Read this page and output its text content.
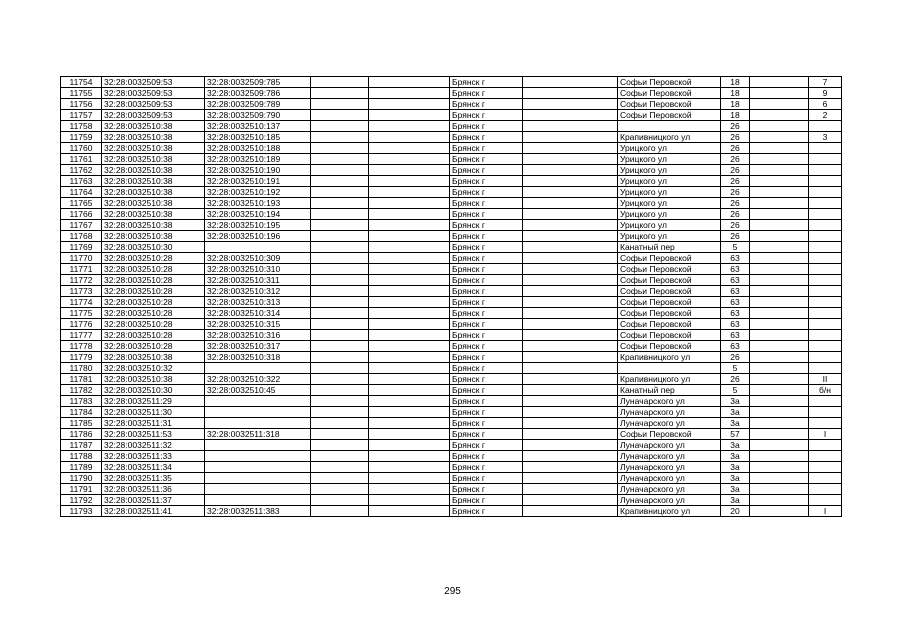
11754	32:28:0032509:53	32:28:0032509:785			Брянск г		Софьи Перовской	18		7
11755	32:28:0032509:53	32:28:0032509:786			Брянск г		Софьи Перовской	18		9
11756	32:28:0032509:53	32:28:0032509:789			Брянск г		Софьи Перовской	18		6
11757	32:28:0032509:53	32:28:0032509:790			Брянск г		Софьи Перовской	18		2
11758	32:28:0032510:38	32:28:0032510:137			Брянск г			26		
11759	32:28:0032510:38	32:28:0032510:185			Брянск г		Крапивницкого ул	26		3
11760	32:28:0032510:38	32:28:0032510:188			Брянск г		Урицкого ул	26		
11761	32:28:0032510:38	32:28:0032510:189			Брянск г		Урицкого ул	26		
11762	32:28:0032510:38	32:28:0032510:190			Брянск г		Урицкого ул	26		
11763	32:28:0032510:38	32:28:0032510:191			Брянск г		Урицкого ул	26		
11764	32:28:0032510:38	32:28:0032510:192			Брянск г		Урицкого ул	26		
11765	32:28:0032510:38	32:28:0032510:193			Брянск г		Урицкого ул	26		
11766	32:28:0032510:38	32:28:0032510:194			Брянск г		Урицкого ул	26		
11767	32:28:0032510:38	32:28:0032510:195			Брянск г		Урицкого ул	26		
11768	32:28:0032510:38	32:28:0032510:196			Брянск г		Урицкого ул	26		
11769	32:28:0032510:30				Брянск г		Канатный пер	5		
11770	32:28:0032510:28	32:28:0032510:309			Брянск г		Софьи Перовской	63		
11771	32:28:0032510:28	32:28:0032510:310			Брянск г		Софьи Перовской	63		
11772	32:28:0032510:28	32:28:0032510:311			Брянск г		Софьи Перовской	63		
11773	32:28:0032510:28	32:28:0032510:312			Брянск г		Софьи Перовской	63		
11774	32:28:0032510:28	32:28:0032510:313			Брянск г		Софьи Перовской	63		
11775	32:28:0032510:28	32:28:0032510:314			Брянск г		Софьи Перовской	63		
11776	32:28:0032510:28	32:28:0032510:315			Брянск г		Софьи Перовской	63		
11777	32:28:0032510:28	32:28:0032510:316			Брянск г		Софьи Перовской	63		
11778	32:28:0032510:28	32:28:0032510:317			Брянск г		Софьи Перовской	63		
11779	32:28:0032510:38	32:28:0032510:318			Брянск г		Крапивницкого ул	26		
11780	32:28:0032510:32				Брянск г			5		
11781	32:28:0032510:38	32:28:0032510:322			Брянск г		Крапивницкого ул	26		II
11782	32:28:0032510:30	32:28:0032510:45			Брянск г		Канатный пер	5		б/н
11783	32:28:0032511:29				Брянск г		Луначарского ул	3а		
11784	32:28:0032511:30				Брянск г		Луначарского ул	3а		
11785	32:28:0032511:31				Брянск г		Луначарского ул	3а		
11786	32:28:0032511:53	32:28:0032511:318			Брянск г		Софьи Перовской	57		I
11787	32:28:0032511:32				Брянск г		Луначарского ул	3а		
11788	32:28:0032511:33				Брянск г		Луначарского ул	3а		
11789	32:28:0032511:34				Брянск г		Луначарского ул	3а		
11790	32:28:0032511:35				Брянск г		Луначарского ул	3а		
11791	32:28:0032511:36				Брянск г		Луначарского ул	3а		
11792	32:28:0032511:37				Брянск г		Луначарского ул	3а		
11793	32:28:0032511:41	32:28:0032511:383			Брянск г		Крапивницкого ул	20		I
295
